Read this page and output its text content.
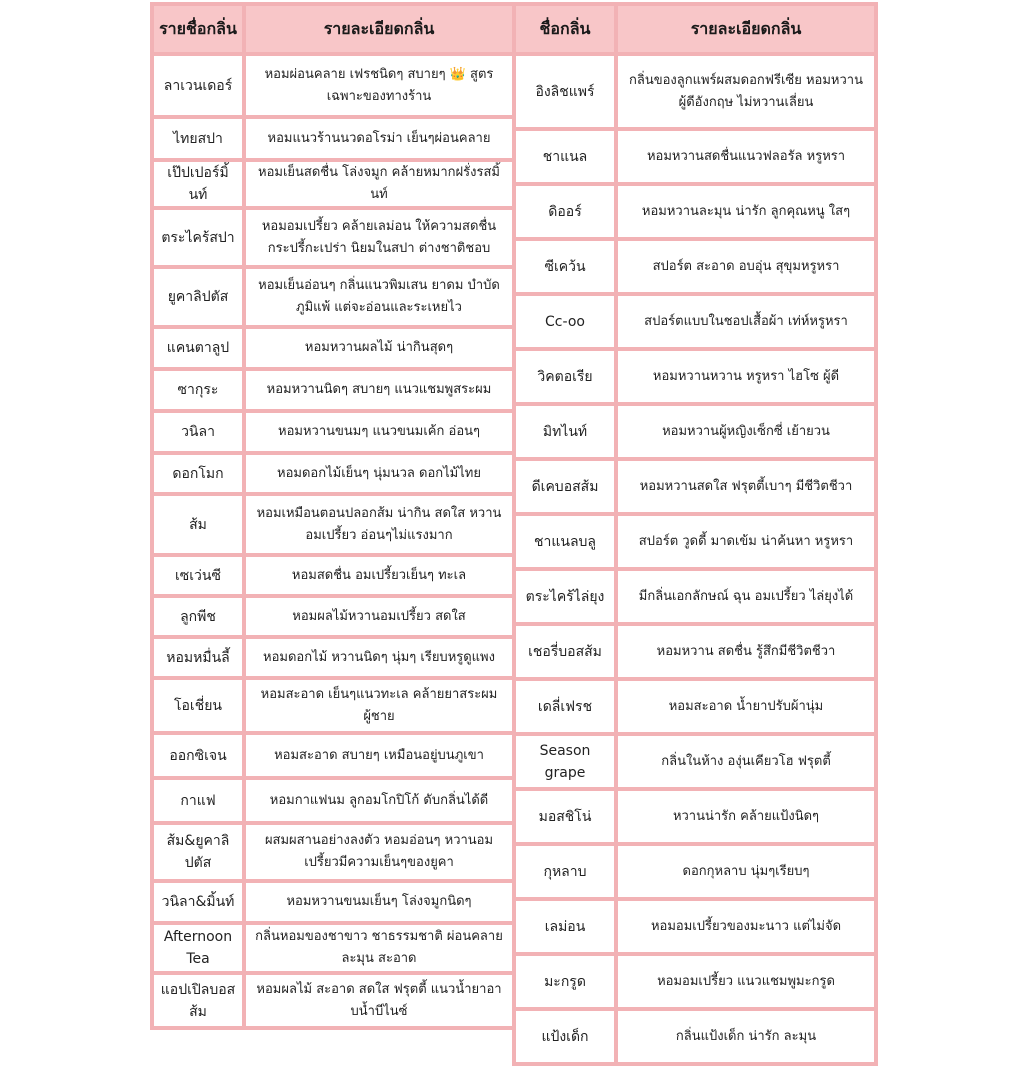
รายชื่อกลิ่น	รายละเอียดกลิ่น
ลาเวนเดอร์	หอมผ่อนคลาย เฟรชนิดๆ สบายๆ 👑 สูตรเฉพาะของทางร้าน
ไทยสปา	หอมแนวร้านนวดอโรม่า เย็นๆผ่อนคลาย
เป๊ปเปอร์มิ้นท์	หอมเย็นสดชื่น โล่งจมูก คล้ายหมากฝรั่งรสมิ้นท์
ตระไคร้สปา	หอมอมเปรี้ยว คล้ายเลม่อน ให้ความสดชื่น กระปรี้กะเปร่า นิยมในสปา ต่างชาติชอบ
ยูคาลิปตัส	หอมเย็นอ่อนๆ กลิ่นแนวพิมเสน ยาดม บำบัดภูมิแพ้ แต่จะอ่อนและระเหยไว
แคนตาลูป	หอมหวานผลไม้ น่ากินสุดๆ
ซากุระ	หอมหวานนิดๆ สบายๆ แนวแชมพูสระผม
วนิลา	หอมหวานขนมๆ แนวขนมเค้ก อ่อนๆ
ดอกโมก	หอมดอกไม้เย็นๆ นุ่มนวล ดอกไม้ไทย
ส้ม	หอมเหมือนตอนปลอกส้ม น่ากิน สดใส หวานอมเปรี้ยว อ่อนๆไม่แรงมาก
เซเว่นซี	หอมสดชื่น อมเปรี้ยวเย็นๆ ทะเล
ลูกพีช	หอมผลไม้หวานอมเปรี้ยว สดใส
หอมหมื่นลี้	หอมดอกไม้ หวานนิดๆ นุ่มๆ เรียบหรูดูแพง
โอเชี่ยน	หอมสะอาด เย็นๆแนวทะเล คล้ายยาสระผมผู้ชาย
ออกซิเจน	หอมสะอาด สบายๆ เหมือนอยู่บนภูเขา
กาแฟ	หอมกาแฟนม ลูกอมโกปิโก้ ดับกลิ่นได้ดี
ส้ม&ยูคาลิปตัส	ผสมผสานอย่างลงตัว หอมอ่อนๆ หวานอมเปรี้ยวมีความเย็นๆของยูคา
วนิลา&มิ้นท์	หอมหวานขนมเย็นๆ โล่งจมูกนิดๆ
Afternoon Tea	กลิ่นหอมของชาขาว ชาธรรมชาติ ผ่อนคลาย ละมุน สะอาด
แอปเปิลบอสส้ม	หอมผลไม้ สะอาด สดใส ฟรุตตี้ แนวน้ำยาอาบน้ำบีไนซ์
ชื่อกลิ่น	รายละเอียดกลิ่น
อิงลิชแพร์	กลิ่นของลูกแพร์ผสมดอกฟรีเซีย หอมหวานผู้ดีอังกฤษ ไม่หวานเลี่ยน
ชาแนล	หอมหวานสดชื่นแนวฟลอรัล หรูหรา
ดิออร์	หอมหวานละมุน น่ารัก ลูกคุณหนู ใสๆ
ซีเคว้น	สปอร์ต สะอาด อบอุ่น สุขุมหรูหรา
Cc-oo	สปอร์ตแบบในชอปเสื้อผ้า เท่ห์หรูหรา
วิคตอเรีย	หอมหวานหวาน หรูหรา ไฮโซ ผู้ดี
มิทไนท์	หอมหวานผู้หญิงเซ็กซี่ เย้ายวน
ดีเคบอสส้ม	หอมหวานสดใส ฟรุตตี้เบาๆ มีชีวิตชีวา
ชาแนลบลู	สปอร์ต วูดดี้ มาดเข้ม น่าค้นหา หรูหรา
ตระไคร้ไล่ยุง	มีกลิ่นเอกลักษณ์ ฉุน อมเปรี้ยว ไล่ยุงได้
เชอรี่บอสส้ม	หอมหวาน สดชื่น รู้สึกมีชีวิตชีวา
เดลี่เฟรช	หอมสะอาด น้ำยาปรับผ้านุ่ม
Season grape	กลิ่นในห้าง องุ่นเคียวโฮ ฟรุตตี้
มอสชิโน่	หวานน่ารัก คล้ายแป้งนิดๆ
กุหลาบ	ดอกกุหลาบ นุ่มๆเรียบๆ
เลม่อน	หอมอมเปรี้ยวของมะนาว แต่ไม่จัด
มะกรูด	หอมอมเปรี้ยว แนวแชมพูมะกรูด
แป้งเด็ก	กลิ่นแป้งเด็ก น่ารัก ละมุน
